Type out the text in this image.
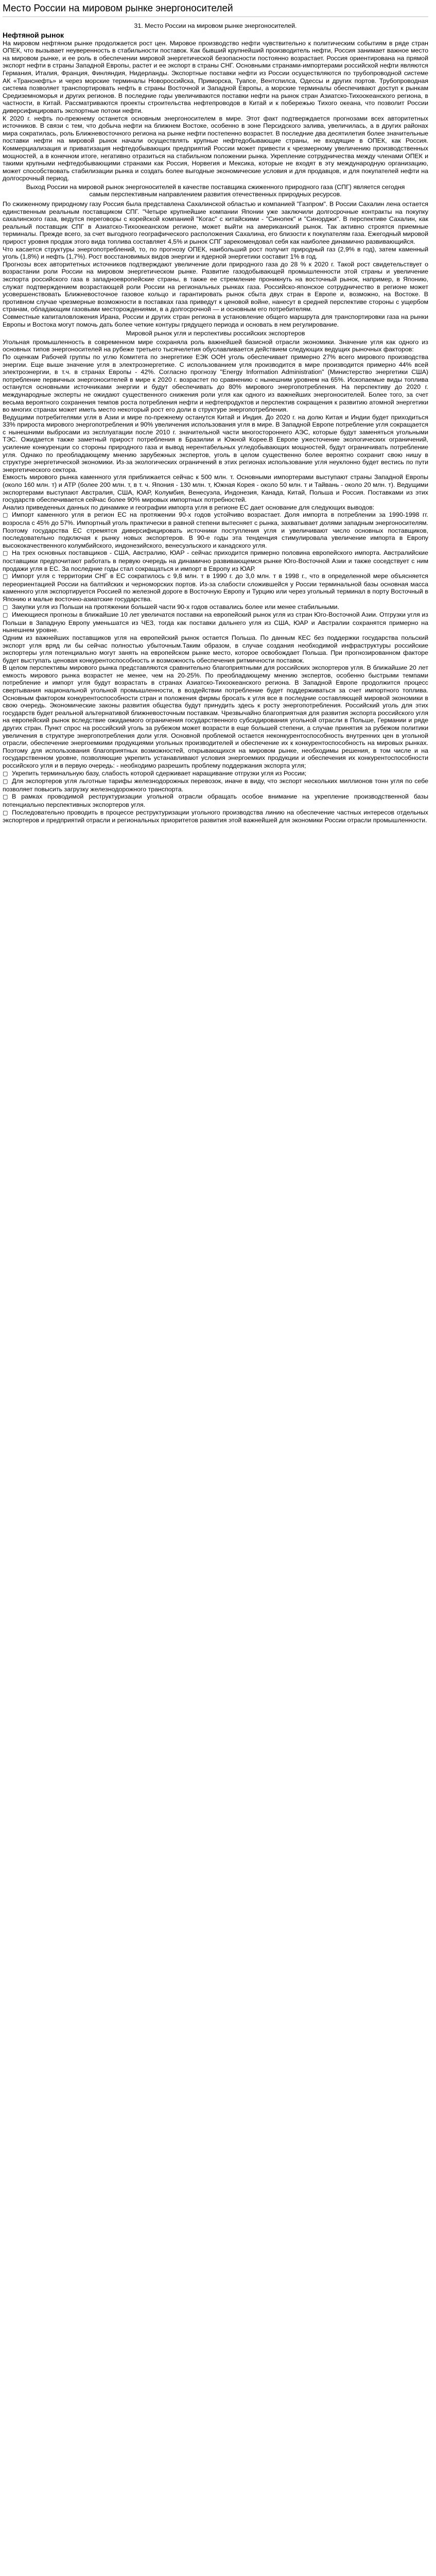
Место России на мировом рынке энергоносителей
31. Место России на мировом рынке энергоносителей.
Нефтяной рынок

На мировом нефтяном рынке продолжается рост цен. Мировое производство нефти чувствительно к политическим событиям в ряде стран ОПЕК, что вызывает неуверенность в стабильности поставок. Как бывший крупнейший производитель нефти, Россия занимает важное место на мировом рынке, и ее роль в обеспечении мировой энергетической безопасности постоянно возрастает. Россия ориентирована на прямой экспорт нефти в страны Западной Европы, растет и ее экспорт в страны СНГ. Основными странами-импортерами российской нефти являются Германия, Италия, Франция, Финляндия, Нидерланды. Экспортные поставки нефти из России осуществляются по трубопроводной системе АК «Транснефть» и через морские терминалы Новороссийска, Приморска, Туапсе, Вентспилса, Одессы и других портов. Трубопроводная система позволяет транспортировать нефть в страны Восточной и Западной Европы, а морские терминалы обеспечивают доступ к рынкам Средиземноморья и других регионов. В последние годы увеличиваются поставки нефти на рынок стран Азиатско-Тихоокеанского региона, в частности, в Китай. Рассматриваются проекты строительства нефтепроводов в Китай и к побережью Тихого океана, что позволит России диверсифицировать экспортные потоки нефти.

К 2020 г. нефть по-прежнему останется основным энергоносителем в мире. Этот факт подтверждается прогнозами всех авторитетных источников. В связи с тем, что добыча нефти на ближнем Востоке, особенно в зоне Персидского залива, увеличилась, а в других районах мира сократилась, роль Ближневосточного региона на рынке нефти постепенно возрастет. В последние два десятилетия более значительные поставки нефти на мировой рынок начали осуществлять крупные нефтедобывающие страны, не входящие в ОПЕК, как Россия. Коммерциализация и приватизация нефтедобывающих предприятий России может привести к чрезмерному увеличению производственных мощностей, а в конечном итоге, негативно отразиться на стабильном положении рынка. Укрепление сотрудничества между членами ОПЕК и такими крупными нефтедобывающими странами как Россия, Норвегия и Мексика, которые не входят в эту международную организацию, может способствовать стабилизации рынка и создать более выгодные экономические условия и для продавцов, и для покупателей нефти на долгосрочный период.

Выход России на мировой рынок энергоносителей в качестве поставщика сжиженного природного газа (СПГ) является сегодня самым перспективным направлением развития отечественных природных ресурсов.

По сжиженному природному газу Россия была представлена Сахалинской областью и компанией "Газпром". В России Сахалин лена остается единственным реальным поставщиком СПГ. "Четыре крупнейшие компании Японии уже заключили долгосрочные контракты на покупку сахалинского газа, ведутся переговоры с корейской компанией "Когас" с китайскими - "Синопек" и "Синорджи". В перспективе Сахалин, как реальный поставщик СПГ в Азиатско-Тихоокеанском регионе, может выйти на американский рынок. Так активно строятся приемные терминалы. Прежде всего, за счет выгодного географического расположения Сахалина, его близости к покупателям газа. Ежегодный мировой прирост уровня продаж этого вида топлива составляет 4,5% и рынок СПГ зарекомендовал себя как наиболее динамично развивающийся.

Что касается структуры энергопотреблений, то, по прогнозу ОПЕК, наибольший рост получит природный газ (2,9% в год), затем каменный уголь (1,8%) и нефть (1,7%). Рост восстановимых видов энергии и ядерной энергетики составит 1% в год.

Прогнозы всех авторитетных источников подтверждают увеличение доли природного газа до 28 % к 2020 г. Такой рост свидетельствует о возрастании роли России на мировом энергетическом рынке. Развитие газодобывающей промышленности этой страны и увеличение экспорта российского газа в западноевропейские страны, в также ее стремление проникнуть на восточный рынок, например, в Японию, служат подтверждением возрастающей роли России на региональных рынках газа. Российско-японское сотрудничество в регионе может усовершенствовать Ближневосточное газовое кольцо и гарантировать рынок сбыта двух стран в Европе и, возможно, на Востоке. В противном случае чрезмерные возможности в поставках газа приведут к ценовой войне, нанесут в средней перспективе стороны с ущербом странам, обладающим газовыми месторождениями, в а долгосрочной — и основным его потребителям.

Совместные капиталовложения Ирана, России и других стран региона в установление общего маршрута для транспортировки газа на рынки Европы и Востока могут помочь дать более четкие контуры грядущего периода и основать в нем регулирование.

Мировой рынок угля и перспективы российских экспортеров

Угольная промышленность в современном мире сохраняла роль важнейшей базисной отрасли экономики. Значение угля как одного из основных типов энергоносителей на рубеже третьего тысячелетия обуславливается действием следующих ведущих рыночных факторов:

По оценкам Рабочей группы по углю Комитета по энергетике ЕЭК ООН уголь обеспечивает примерно 27% всего мирового производства энергии. Еще выше значение угля в электроэнергетике. С использованием угля производится в мире производится примерно 44% всей электроэнергии, в т.ч. в странах Европы - 42%. Согласно прогнозу "Energy Information Administration" (Министерство энергетики США) потребление первичных энергоносителей в мире к 2020 г. возрастет по сравнению с нынешним уровнем на 65%. Ископаемые виды топлива останутся основными источниками энергии и будут обеспечивать до 80% мирового энергопотребления. На перспективу до 2020 г. международные эксперты не ожидают существенного снижения роли угля как одного из важнейших энергоносителей. Более того, за счет весьма вероятного сохранения темпов роста потребления нефти и нефтепродуктов и перспектив сокращения к развитию атомной энергетики во многих странах может иметь место некоторый рост его доли в структуре энергопотребления.

Ведущими потребителями угля в Азии и мире по-прежнему останутся Китай и Индия. До 2020 г. на долю Китая и Индии будет приходиться 33% прироста мирового энергопотребления и 90% увеличения использования угля в мире. В Западной Европе потребление угля сокращается с нынешними выбросами из эксплуатации после 2010 г. значительной части многостороннего АЭС, которые будут заменяться угольными ТЭС. Ожидается также заметный прирост потребления в Бразилии и Южной Корее.В Европе ужесточение экологических ограничений, усиление конкуренции со стороны природного газа и вывод нерентабельных угледобывающих мощностей, будут ограничивать потребление угля. Однако по преобладающему мнению зарубежных экспертов, уголь в целом существенно более вероятно сохранит свою нишу в структуре энергетической экономики. Из-за экологических ограничений в этих регионах использование угля неуклонно будет вестись по пути энергетического сектора.

Емкость мирового рынка каменного угля приближается сейчас к 500 млн. т. Основными импортерами выступают страны Западной Европы (около 160 млн. т) и АТР (более 200 млн. т, в т. ч. Япония - 130 млн. т, Южная Корея - около 50 млн. т и Тайвань - около 20 млн. т). Ведущими экспортерами выступают Австралия, США, ЮАР, Колумбия, Венесуэла, Индонезия, Канада, Китай, Польша и Россия. Поставками из этих государств обеспечивается сейчас более 90% мировых импортных потребностей.

Анализ приведенных данных по динамике и географии импорта угля в регионе ЕС дает основание для следующих выводов:

▢ Импорт каменного угля в регион ЕС на протяжении 90-х годов устойчиво возрастает. Доля импорта в потреблении за 1990-1998 гг. возросла с 45% до 57%. Импортный уголь практически в равной степени вытесняет с рынка, захватывает долями западным энергоносителям. Поэтому государства ЕС стремятся диверсифицировать источники поступления угля и увеличивают число основных поставщиков, последовательно подключая к рынку новых экспортеров. В 90-е годы эта тенденция стимулировала увеличение импорта в Европу высококачественного колумбийского, индонезийского, венесуэльского и канадского угля.

▢ На трех основных поставщиков - США, Австралию, ЮАР - сейчас приходится примерно половина европейского импорта. Австралийские поставщики предпочитают работать в первую очередь на динамично развивающемся рынке Юго-Восточной Азии и также соседствует с ним продажи угля в ЕС. За последние годы стал сокращаться и импорт в Европу из ЮАР.

▢ Импорт угля с территории СНГ в ЕС сократилось с 9,8 млн. т в 1990 г. до 3,0 млн. т в 1998 г., что в определенной мере объясняется переориентацией России на балтийских и черноморских портов. Из-за слабости сложившейся у России терминальной базы основная масса каменного угля экспортируется Россией по железной дороге в Восточную Европу и Турцию или через угольный терминал в порту Восточный в Японию и малые восточно-азиатские государства.

▢ Закупки угля из Польши на протяжении большей части 90-х годов оставались более или менее стабильными.

▢ Имеющиеся прогнозы в ближайшие 10 лет увеличатся поставки на европейский рынок угля из стран Юго-Восточной Азии. Отгрузки угля из Польши в Западную Европу уменьшатся из ЧЕЗ, тогда как поставки дальнего угля из США, ЮАР и Австралии сохранятся примерно на нынешнем уровне.

Одним из важнейших поставщиков угля на европейский рынок остается Польша. По данным КЕС без поддержки государства польский экспорт угля вряд ли бы сейчас полностью убыточным.Таким образом, в случае создания необходимой инфраструктуры российские экспортеры угля потенциально могут занять на европейском рынке место, которое освобождает Польша. При прогнозированном факторе будет выступать ценовая конкурентоспособность и возможность обеспечения ритмичности поставок.

В целом перспективы мирового рынка представляются сравнительно благоприятными для российских экспортеров угля. В ближайшие 20 лет емкость мирового рынка возрастет не менее, чем на 20-25%. По преобладающему мнению экспертов, особенно быстрыми темпами потребление и импорт угля будут возрастать в странах Азиатско-Тихоокеанского региона. В Западной Европе продолжится процесс свертывания национальной угольной промышленности, в воздействии потребление будет поддерживаться за счет импортного топлива. Основным фактором конкурентоспособности стран и положения фирмы бросать к угля все в последние составляющей мировой экономики в свою очередь. Экономические законы развития общества будут принудить здесь к росту энергопотребления. Российский уголь для этих государств будет реальной альтернативой ближневосточным поставкам. Чрезвычайно благоприятная для развития экспорта российского угля на европейский рынок вследствие ожидаемого ограничения государственного субсидирования угольной отрасли в Польше, Германии и ряде других стран. Пункт спрос на российский уголь за рубежом может возрасти в еще большей степени, а случае принятия за рубежом политики увеличения в структуре энергопотребления доли угля. Основной проблемой остается неконкурентоспособность внутренних цен в угольной отрасли, обеспечение энергоемкими продукциями угольных производителей и обеспечение их к конкурентоспособность на мировых рынках. Поэтому для использования благоприятных возможностей, открывающихся на мировом рынке, необходимы решения, в том числе и на государственном уровне, позволяющие укрепить устанавливают условия энергоемких продукции и обеспечения их конкурентоспособности российского угля и в первую очередь: - необходимо разрешить проблему поддержания экспорта угля;

▢ Укрепить терминальную базу, слабость которой сдерживает наращивание отгрузки угля из России;

▢ Для экспортеров угля льготные тарифы железнодорожных перевозок, иначе в виду, что экспорт нескольких миллионов тонн угля по себе позволяет повысить загрузку железнодорожного транспорта.

▢ В рамках проводимой реструктуризации угольной отрасли обращать особое внимание на укрепление производственной базы потенциально перспективных экспортеров угля.

▢ Последовательно проводить в процессе реструктуризации угольного производства линию на обеспечение частных интересов отдельных экспортеров и предприятий отрасли и региональных приоритетов развития этой важнейшей для экономики России отрасли промышленности.
